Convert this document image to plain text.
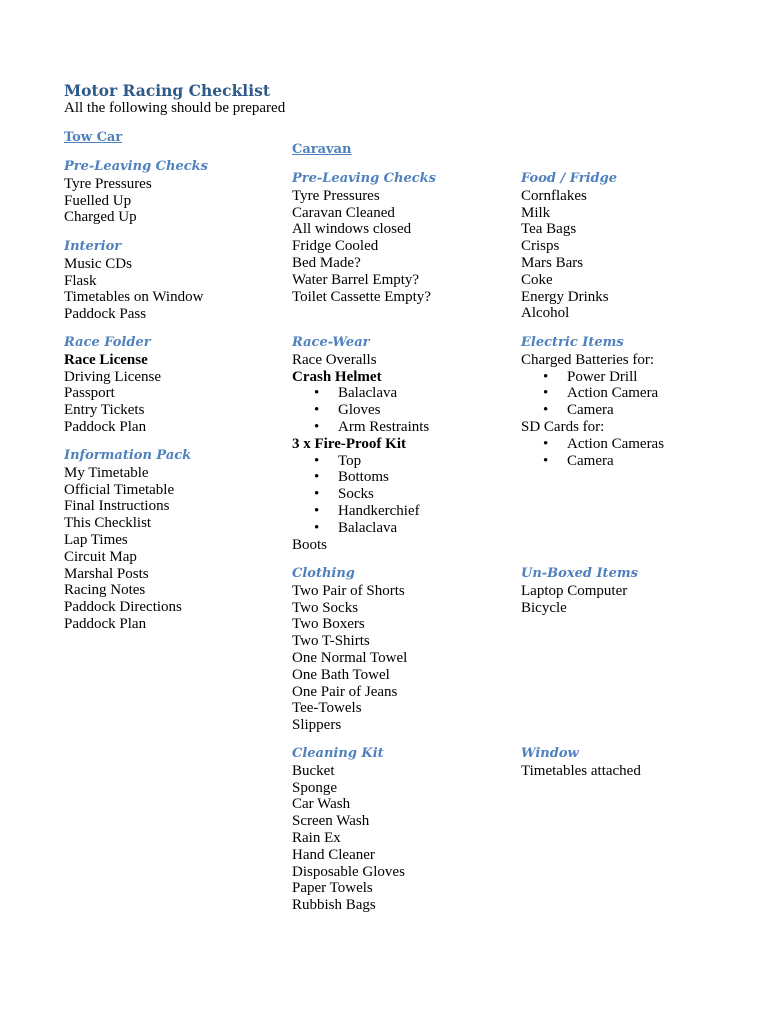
Motor Racing Checklist
All the following should be prepared
Tow Car
Pre-Leaving Checks
Tyre Pressures
Fuelled Up
Charged Up
Interior
Music CDs
Flask
Timetables on Window
Paddock Pass
Race Folder
Race License
Driving License
Passport
Entry Tickets
Paddock Plan
Information Pack
My Timetable
Official Timetable
Final Instructions
This Checklist
Lap Times
Circuit Map
Marshal Posts
Racing Notes
Paddock Directions
Paddock Plan
Caravan
Pre-Leaving Checks
Tyre Pressures
Caravan Cleaned
All windows closed
Fridge Cooled
Bed Made?
Water Barrel Empty?
Toilet Cassette Empty?
Race-Wear
Race Overalls
Crash Helmet
• Balaclava
• Gloves
• Arm Restraints
3 x Fire-Proof Kit
• Top
• Bottoms
• Socks
• Handkerchief
• Balaclava
Boots
Clothing
Two Pair of Shorts
Two Socks
Two Boxers
Two T-Shirts
One Normal Towel
One Bath Towel
One Pair of Jeans
Tee-Towels
Slippers
Cleaning Kit
Bucket
Sponge
Car Wash
Screen Wash
Rain Ex
Hand Cleaner
Disposable Gloves
Paper Towels
Rubbish Bags
Food / Fridge
Cornflakes
Milk
Tea Bags
Crisps
Mars Bars
Coke
Energy Drinks
Alcohol
Electric Items
Charged Batteries for:
• Power Drill
• Action Camera
• Camera
SD Cards for:
• Action Cameras
• Camera
Un-Boxed Items
Laptop Computer
Bicycle
Window
Timetables attached
